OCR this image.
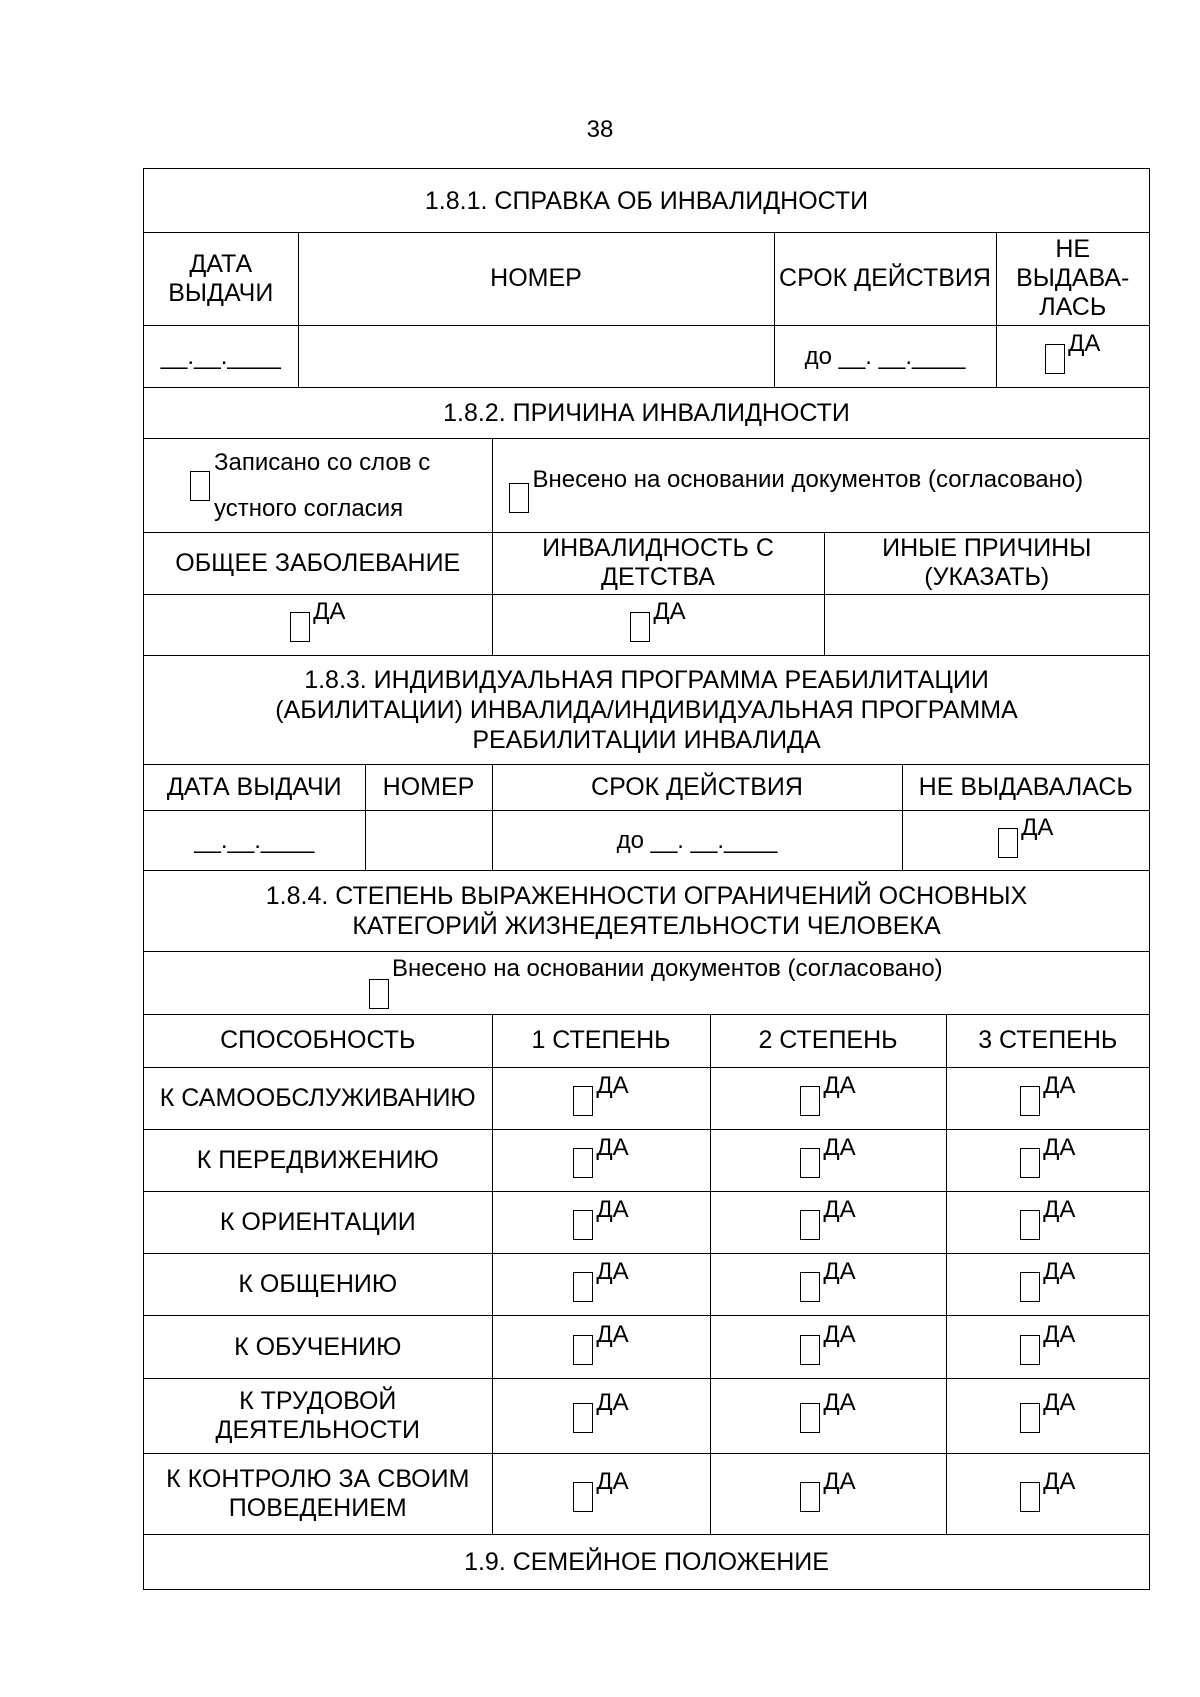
38
1.8.1. СПРАВКА ОБ ИНВАЛИДНОСТИ
ДАТА ВЫДАЧИ	НОМЕР	СРОК ДЕЙСТВИЯ	НЕ ВЫДАВА-ЛАСЬ
__.__.____		до __. __.____	ДА
1.8.2. ПРИЧИНА ИНВАЛИДНОСТИ
Записано со слов с
устного согласия

Внесено на основании документов (согласовано)
ОБЩЕЕ ЗАБОЛЕВАНИЕ	ИНВАЛИДНОСТЬ С ДЕТСТВА	ИНЫЕ ПРИЧИНЫ (УКАЗАТЬ)

ДА	ДА	

1.8.3. ИНДИВИДУАЛЬНАЯ ПРОГРАММА РЕАБИЛИТАЦИИ (АБИЛИТАЦИИ) ИНВАЛИДА/ИНДИВИДУАЛЬНАЯ ПРОГРАММА РЕАБИЛИТАЦИИ ИНВАЛИДА
ДАТА ВЫДАЧИ	НОМЕР	СРОК ДЕЙСТВИЯ	НЕ ВЫДАВАЛАСЬ
__.__.____		до __. __.____	ДА
1.8.4. СТЕПЕНЬ ВЫРАЖЕННОСТИ ОГРАНИЧЕНИЙ ОСНОВНЫХ КАТЕГОРИЙ ЖИЗНЕДЕЯТЕЛЬНОСТИ ЧЕЛОВЕКА
Внесено на основании документов (согласовано)
СПОСОБНОСТЬ	1 СТЕПЕНЬ	2 СТЕПЕНЬ	3 СТЕПЕНЬ
К САМООБСЛУЖИВАНИЮ	ДА	ДА	ДА

К ПЕРЕДВИЖЕНИЮ	ДА	ДА	ДА

К ОРИЕНТАЦИИ	ДА	ДА	ДА

К ОБЩЕНИЮ	ДА	ДА	ДА

К ОБУЧЕНИЮ	ДА	ДА	ДА

К ТРУДОВОЙ ДЕЯТЕЛЬНОСТИ	ДА	ДА	ДА

К КОНТРОЛЮ ЗА СВОИМ ПОВЕДЕНИЕМ	ДА	ДА	ДА

1.9. СЕМЕЙНОЕ ПОЛОЖЕНИЕ			
